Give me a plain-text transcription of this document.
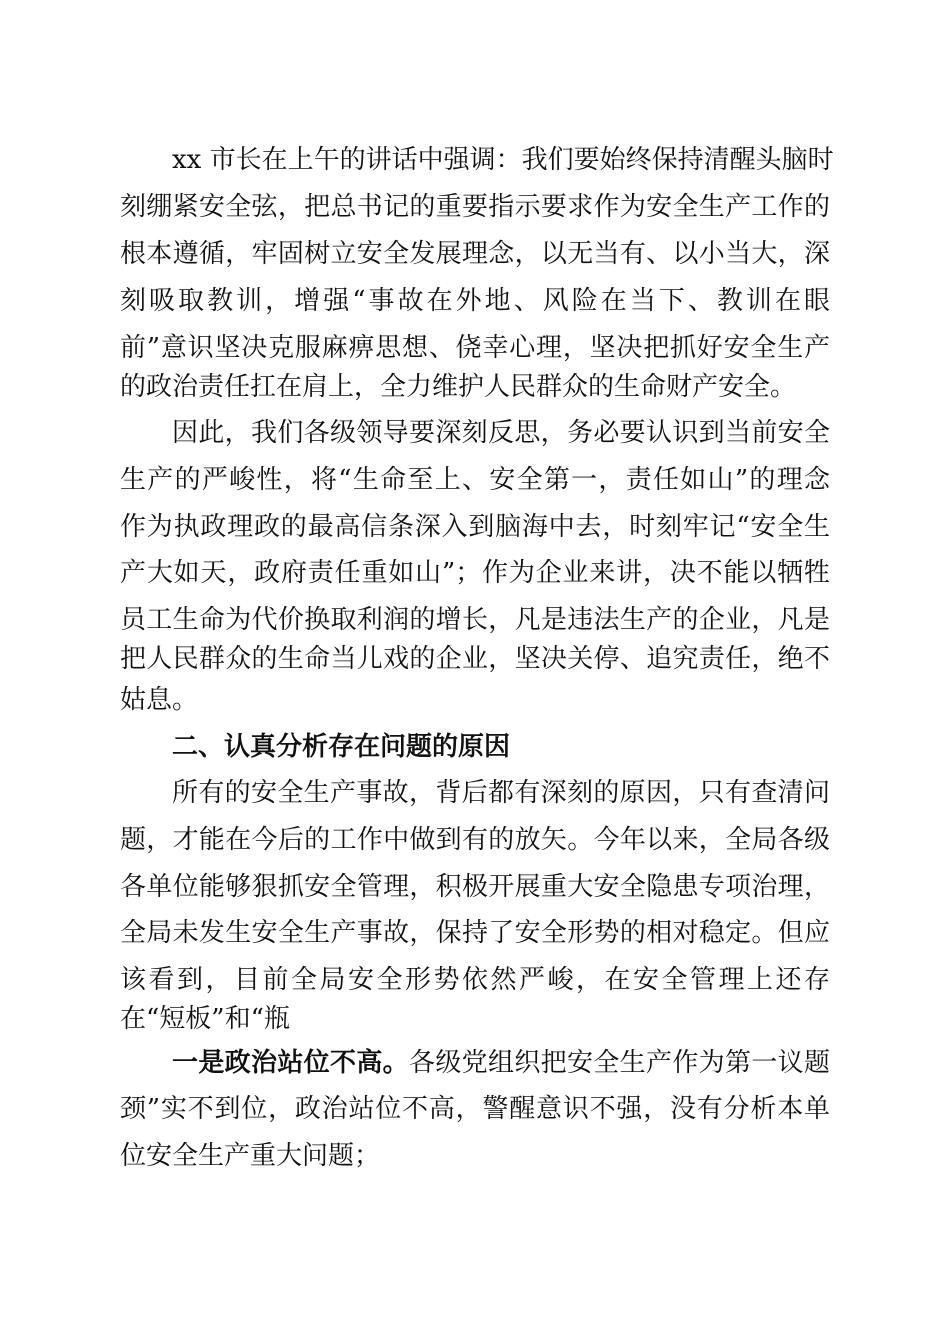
xx 市长在上午的讲话中强调：我们要始终保持清醒头脑时
刻绷紧安全弦，把总书记的重要指示要求作为安全生产工作的
根本遵循，牢固树立安全发展理念，以无当有、以小当大，深
刻吸取教训，增强“事故在外地、风险在当下、教训在眼
前”意识坚决克服麻痹思想、侥幸心理，坚决把抓好安全生产
的政治责任扛在肩上，全力维护人民群众的生命财产安全。
因此，我们各级领导要深刻反思，务必要认识到当前安全
生产的严峻性，将“生命至上、安全第一，责任如山”的理念
作为执政理政的最高信条深入到脑海中去，时刻牢记“安全生
产大如天，政府责任重如山”；作为企业来讲，决不能以牺牲
员工生命为代价换取利润的增长，凡是违法生产的企业，凡是
把人民群众的生命当儿戏的企业，坚决关停、追究责任，绝不
姑息。
二、认真分析存在问题的原因
所有的安全生产事故，背后都有深刻的原因，只有查清问
题，才能在今后的工作中做到有的放矢。今年以来，全局各级
各单位能够狠抓安全管理，积极开展重大安全隐患专项治理，
全局未发生安全生产事故，保持了安全形势的相对稳定。但应
该看到，目前全局安全形势依然严峻，在安全管理上还存
在“短板”和“瓶
一是政治站位不高。各级党组织把安全生产作为第一议题
颈”实不到位，政治站位不高，警醒意识不强，没有分析本单
位安全生产重大问题；
